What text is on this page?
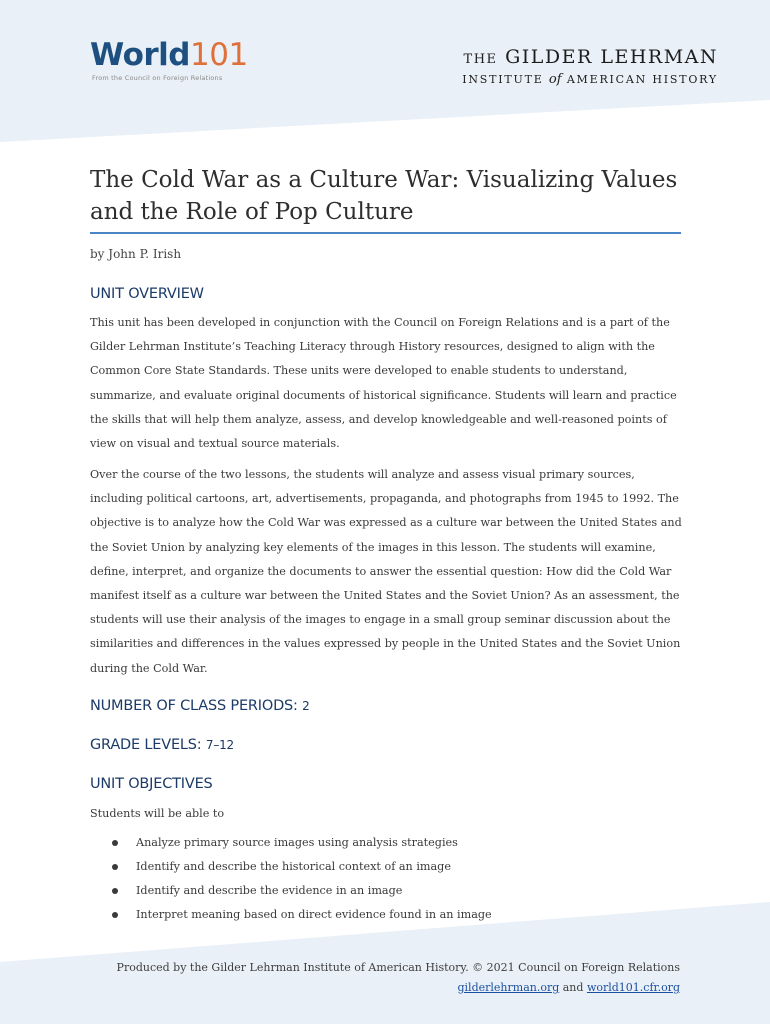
World101
From the Council on Foreign Relations
THE GILDER LEHRMAN
INSTITUTE of AMERICAN HISTORY
The Cold War as a Culture War: Visualizing Values and the Role of Pop Culture
by John P. Irish
UNIT OVERVIEW
This unit has been developed in conjunction with the Council on Foreign Relations and is a part of the Gilder Lehrman Institute’s Teaching Literacy through History resources, designed to align with the Common Core State Standards. These units were developed to enable students to understand, summarize, and evaluate original documents of historical significance. Students will learn and practice the skills that will help them analyze, assess, and develop knowledgeable and well-reasoned points of view on visual and textual source materials.
Over the course of the two lessons, the students will analyze and assess visual primary sources, including political cartoons, art, advertisements, propaganda, and photographs from 1945 to 1992. The objective is to analyze how the Cold War was expressed as a culture war between the United States and the Soviet Union by analyzing key elements of the images in this lesson. The students will examine, define, interpret, and organize the documents to answer the essential question: How did the Cold War manifest itself as a culture war between the United States and the Soviet Union? As an assessment, the students will use their analysis of the images to engage in a small group seminar discussion about the similarities and differences in the values expressed by people in the United States and the Soviet Union during the Cold War.
NUMBER OF CLASS PERIODS: 2
GRADE LEVELS: 7–12
UNIT OBJECTIVES
Students will be able to
Analyze primary source images using analysis strategies
Identify and describe the historical context of an image
Identify and describe the evidence in an image
Interpret meaning based on direct evidence found in an image
Produced by the Gilder Lehrman Institute of American History. © 2021 Council on Foreign Relations
gilderlehrman.org and world101.cfr.org
